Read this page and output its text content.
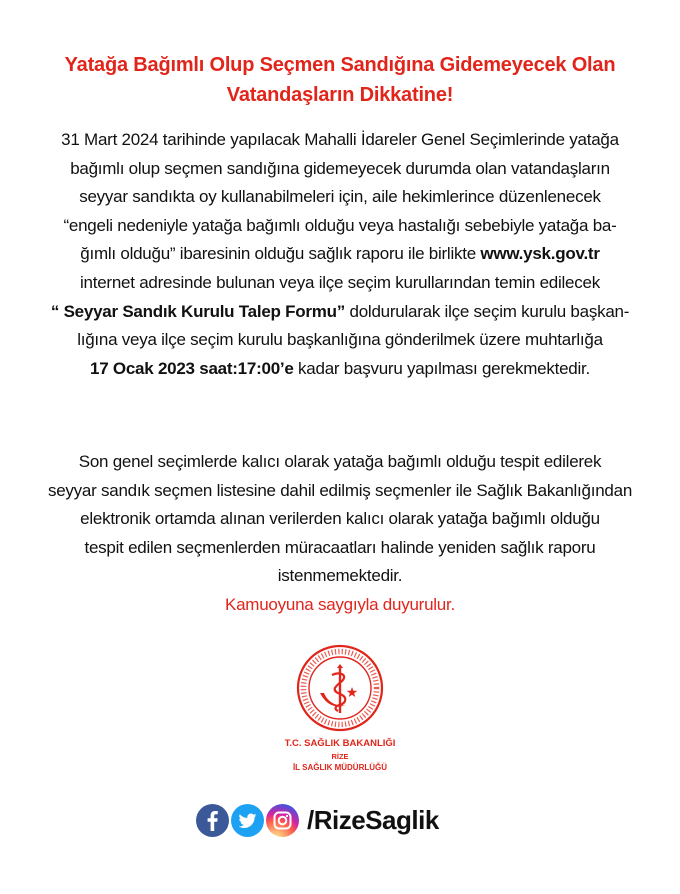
Yatağa Bağımlı Olup Seçmen Sandığına Gidemeyecek Olan
Vatandaşların Dikkatine!
31 Mart 2024 tarihinde yapılacak Mahalli İdareler Genel Seçimlerinde yatağa
bağımlı olup seçmen sandığına gidemeyecek durumda olan vatandaşların
seyyar sandıkta oy kullanabilmeleri için, aile hekimlerince düzenlenecek
“engeli nedeniyle yatağa bağımlı olduğu veya hastalığı sebebiyle yatağa ba-
ğımlı olduğu” ibaresinin olduğu sağlık raporu ile birlikte www.ysk.gov.tr
internet adresinde bulunan veya ilçe seçim kurullarından temin edilecek
“ Seyyar Sandık Kurulu Talep Formu” doldurularak ilçe seçim kurulu başkan-
lığına veya ilçe seçim kurulu başkanlığına gönderilmek üzere muhtarlığa
17 Ocak 2023 saat:17:00’e kadar başvuru yapılması gerekmektedir.
Son genel seçimlerde kalıcı olarak yatağa bağımlı olduğu tespit edilerek
seyyar sandık seçmen listesine dahil edilmiş seçmenler ile Sağlık Bakanlığından
elektronik ortamda alınan verilerden kalıcı olarak yatağa bağımlı olduğu
tespit edilen seçmenlerden müracaatları halinde yeniden sağlık raporu
istenmemektedir.
Kamuoyuna saygıyla duyurulur.
T.C. SAĞLIK BAKANLIĞI
RİZE
İL SAĞLIK MÜDÜRLÜĞÜ
/RizeSaglik
